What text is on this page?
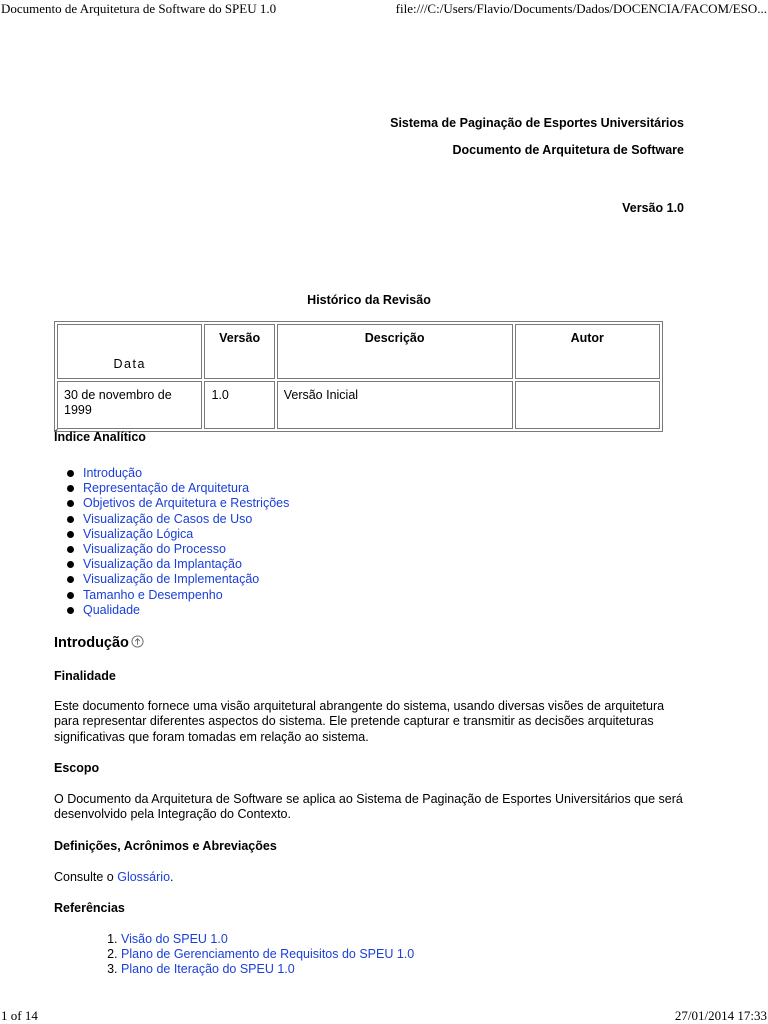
Documento de Arquitetura de Software do SPEU 1.0	file:///C:/Users/Flavio/Documents/Dados/DOCENCIA/FACOM/ESO...
Sistema de Paginação de Esportes Universitários
Documento de Arquitetura de Software
Versão 1.0
Histórico da Revisão
Data	Versão	Descrição	Autor
30 de novembro de 1999	1.0	Versão Inicial	
Índice Analítico
Introdução
Representação de Arquitetura
Objetivos de Arquitetura e Restrições
Visualização de Casos de Uso
Visualização Lógica
Visualização do Processo
Visualização da Implantação
Visualização de Implementação
Tamanho e Desempenho
Qualidade
Introdução
Finalidade
Este documento fornece uma visão arquitetural abrangente do sistema, usando diversas visões de arquitetura para representar diferentes aspectos do sistema. Ele pretende capturar e transmitir as decisões arquiteturas significativas que foram tomadas em relação ao sistema.
Escopo
O Documento da Arquitetura de Software se aplica ao Sistema de Paginação de Esportes Universitários que será desenvolvido pela Integração do Contexto.
Definições, Acrônimos e Abreviações
Consulte o Glossário.
Referências
1. Visão do SPEU 1.0
2. Plano de Gerenciamento de Requisitos do SPEU 1.0
3. Plano de Iteração do SPEU 1.0
1 of 14	27/01/2014 17:33
